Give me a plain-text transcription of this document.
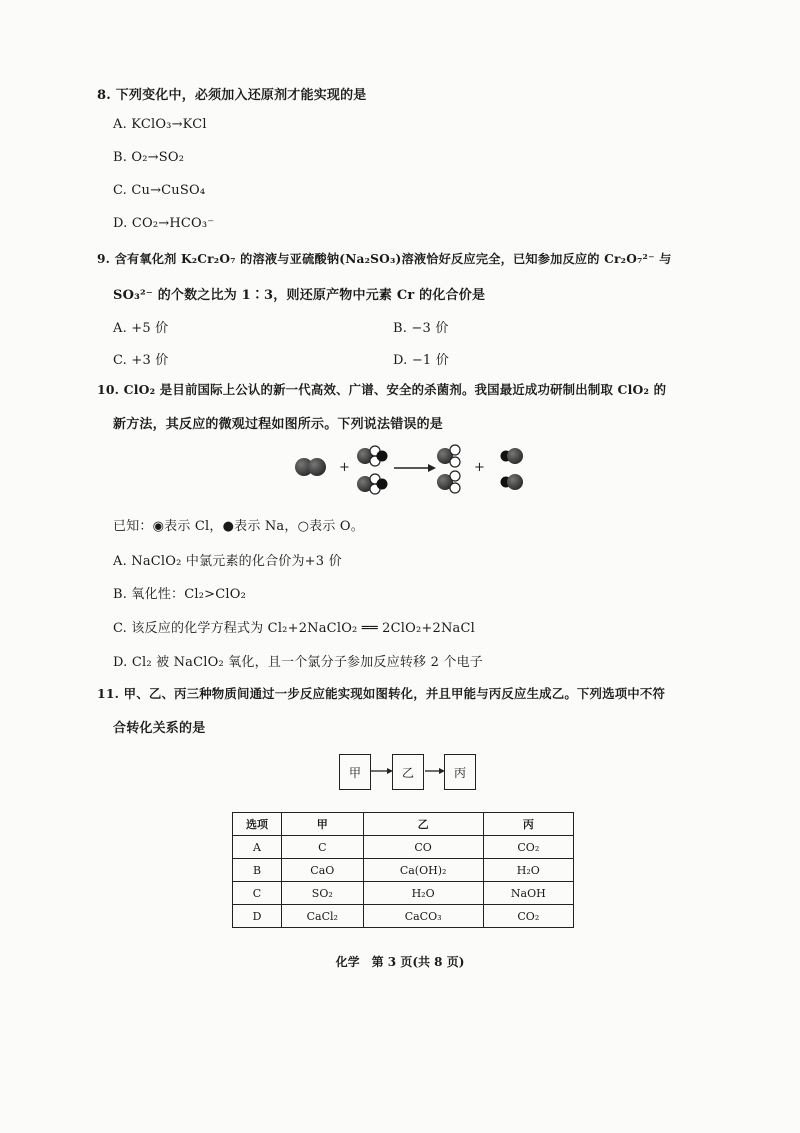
8. 下列变化中，必须加入还原剂才能实现的是
A. KClO₃→KCl
B. O₂→SO₂
C. Cu→CuSO₄
D. CO₂→HCO₃⁻
9. 含有氧化剂 K₂Cr₂O₇ 的溶液与亚硫酸钠(Na₂SO₃)溶液恰好反应完全，已知参加反应的 Cr₂O₇²⁻ 与
SO₃²⁻ 的个数之比为 1∶3，则还原产物中元素 Cr 的化合价是
A. +5 价	B. −3 价
C. +3 价	D. −1 价
10. ClO₂ 是目前国际上公认的新一代高效、广谱、安全的杀菌剂。我国最近成功研制出制取 ClO₂ 的
新方法，其反应的微观过程如图所示。下列说法错误的是
+	+
已知：◉表示 Cl，●表示 Na，○表示 O。
A. NaClO₂ 中氯元素的化合价为+3 价
B. 氧化性：Cl₂>ClO₂
C. 该反应的化学方程式为 Cl₂+2NaClO₂ ══ 2ClO₂+2NaCl
D. Cl₂ 被 NaClO₂ 氧化，且一个氯分子参加反应转移 2 个电子
11. 甲、乙、丙三种物质间通过一步反应能实现如图转化，并且甲能与丙反应生成乙。下列选项中不符
合转化关系的是
甲	乙	丙
选项	甲	乙	丙
A	C	CO	CO₂
B	CaO	Ca(OH)₂	H₂O
C	SO₂	H₂O	NaOH
D	CaCl₂	CaCO₃	CO₂
化学　第 3 页(共 8 页)
